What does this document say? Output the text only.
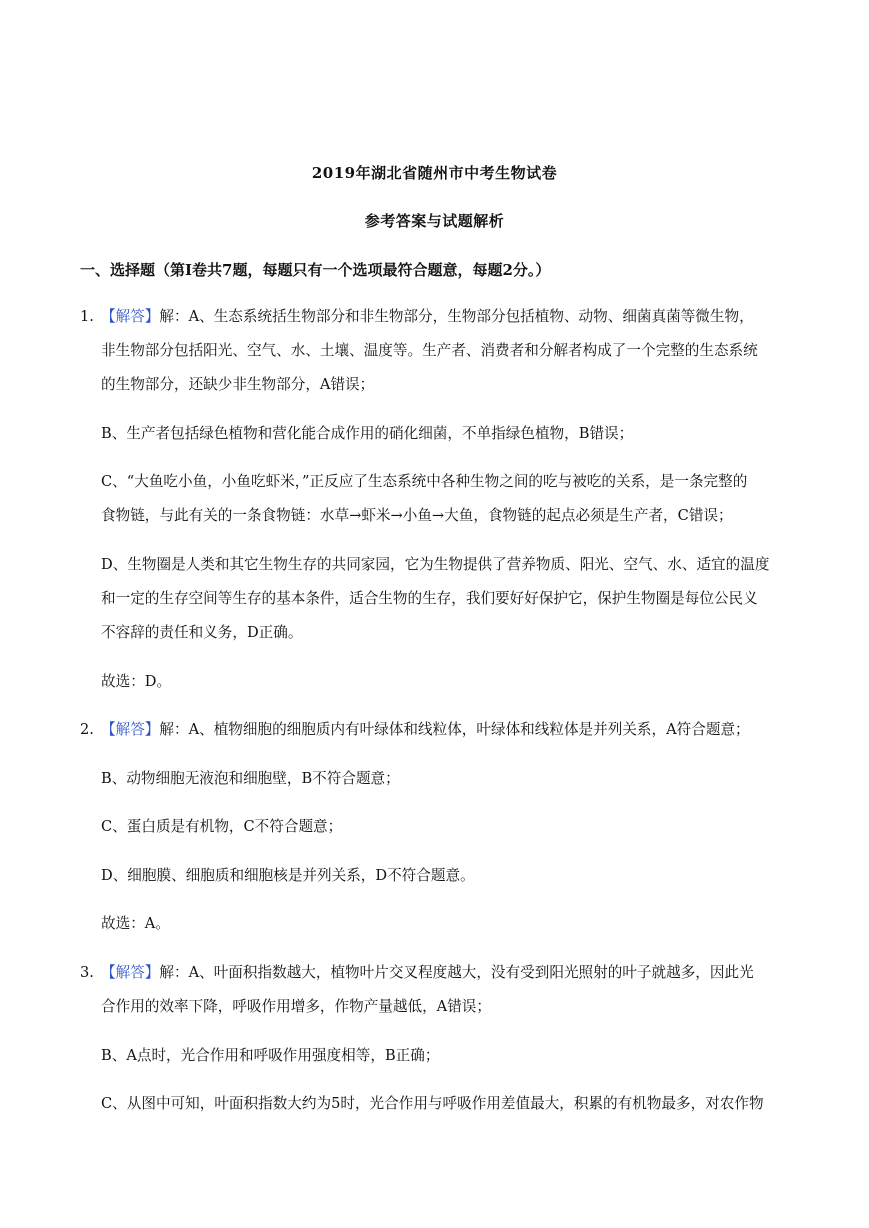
2019年湖北省随州市中考生物试卷
参考答案与试题解析
一、选择题（第Ⅰ卷共7题，每题只有一个选项最符合题意，每题2分。）
1. 【解答】解：A、生态系统括生物部分和非生物部分，生物部分包括植物、动物、细菌真菌等微生物，
非生物部分包括阳光、空气、水、土壤、温度等。生产者、消费者和分解者构成了一个完整的生态系统
的生物部分，还缺少非生物部分，A错误；
B、生产者包括绿色植物和营化能合成作用的硝化细菌，不单指绿色植物，B错误；
C、“大鱼吃小鱼，小鱼吃虾米，”正反应了生态系统中各种生物之间的吃与被吃的关系，是一条完整的
食物链，与此有关的一条食物链：水草→虾米→小鱼→大鱼，食物链的起点必须是生产者，C错误；
D、生物圈是人类和其它生物生存的共同家园，它为生物提供了营养物质、阳光、空气、水、适宜的温度
和一定的生存空间等生存的基本条件，适合生物的生存，我们要好好保护它，保护生物圈是每位公民义
不容辞的责任和义务，D正确。
故选：D。
2. 【解答】解：A、植物细胞的细胞质内有叶绿体和线粒体，叶绿体和线粒体是并列关系，A符合题意；
B、动物细胞无液泡和细胞壁，B不符合题意；
C、蛋白质是有机物，C不符合题意；
D、细胞膜、细胞质和细胞核是并列关系，D不符合题意。
故选：A。
3. 【解答】解：A、叶面积指数越大，植物叶片交叉程度越大，没有受到阳光照射的叶子就越多，因此光
合作用的效率下降，呼吸作用增多，作物产量越低，A错误；
B、A点时，光合作用和呼吸作用强度相等，B正确；
C、从图中可知，叶面积指数大约为5时，光合作用与呼吸作用差值最大，积累的有机物最多，对农作物
